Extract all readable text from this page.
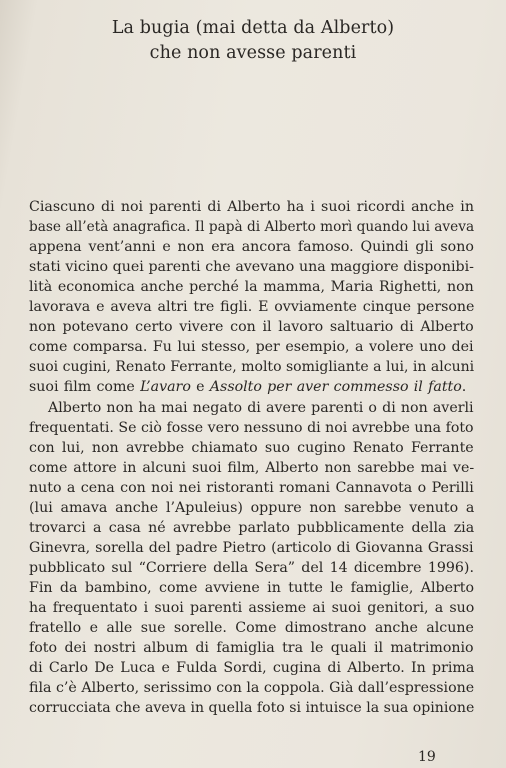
La bugia (mai detta da Alberto)
che non avesse parenti
Ciascuno di noi parenti di Alberto ha i suoi ricordi anche in
base all’età anagrafica. Il papà di Alberto morì quando lui aveva
appena vent’anni e non era ancora famoso. Quindi gli sono
stati vicino quei parenti che avevano una maggiore disponibi-
lità economica anche perché la mamma, Maria Righetti, non
lavorava e aveva altri tre figli. E ovviamente cinque persone
non potevano certo vivere con il lavoro saltuario di Alberto
come comparsa. Fu lui stesso, per esempio, a volere uno dei
suoi cugini, Renato Ferrante, molto somigliante a lui, in alcuni
suoi film come L’avaro e Assolto per aver commesso il fatto.
Alberto non ha mai negato di avere parenti o di non averli
frequentati. Se ciò fosse vero nessuno di noi avrebbe una foto
con lui, non avrebbe chiamato suo cugino Renato Ferrante
come attore in alcuni suoi film, Alberto non sarebbe mai ve-
nuto a cena con noi nei ristoranti romani Cannavota o Perilli
(lui amava anche l’Apuleius) oppure non sarebbe venuto a
trovarci a casa né avrebbe parlato pubblicamente della zia
Ginevra, sorella del padre Pietro (articolo di Giovanna Grassi
pubblicato sul “Corriere della Sera” del 14 dicembre 1996).
Fin da bambino, come avviene in tutte le famiglie, Alberto
ha frequentato i suoi parenti assieme ai suoi genitori, a suo
fratello e alle sue sorelle. Come dimostrano anche alcune
foto dei nostri album di famiglia tra le quali il matrimonio
di Carlo De Luca e Fulda Sordi, cugina di Alberto. In prima
fila c’è Alberto, serissimo con la coppola. Già dall’espressione
corrucciata che aveva in quella foto si intuisce la sua opinione
19
